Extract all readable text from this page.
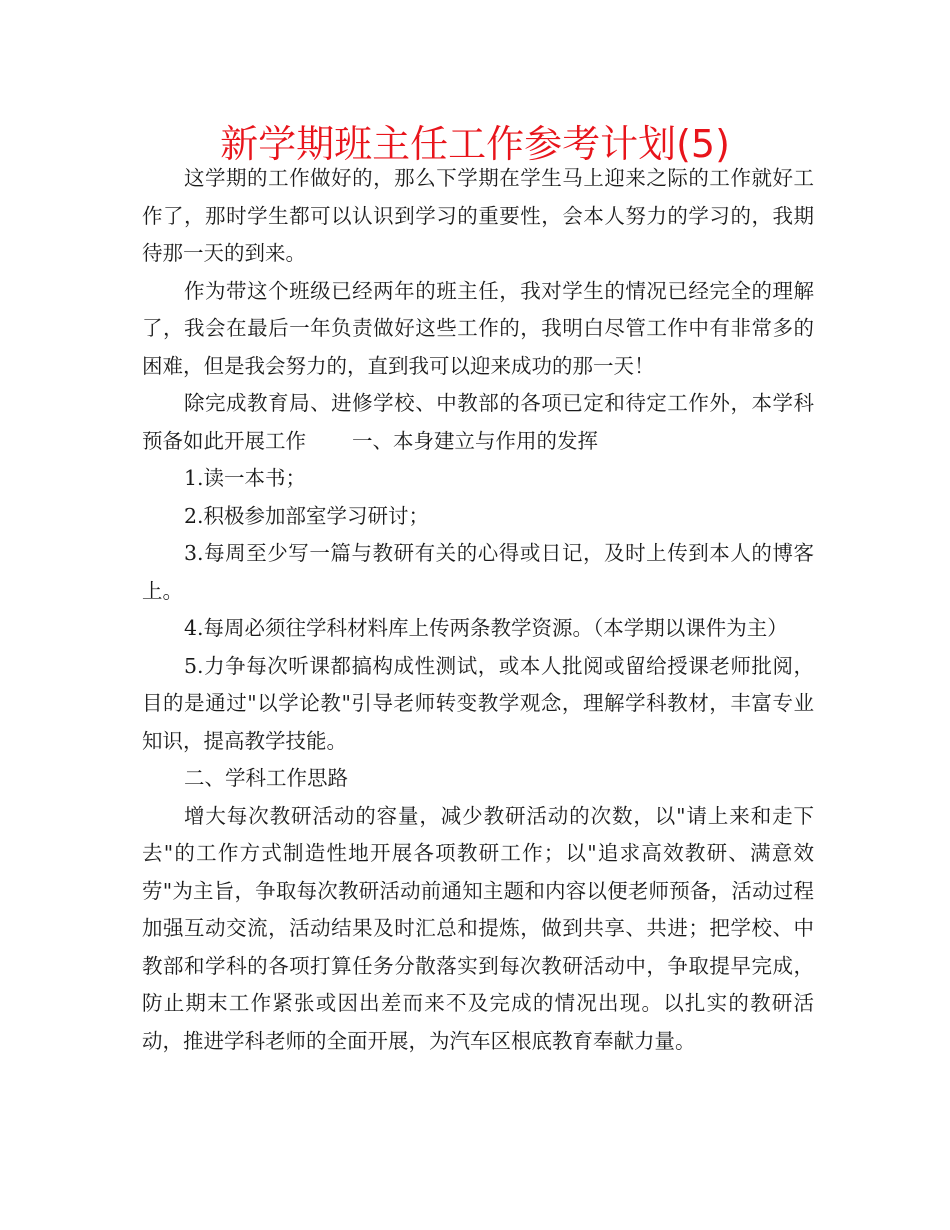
新学期班主任工作参考计划(5)

这学期的工作做好的，那么下学期在学生马上迎来之际的工作就好工作了，那时学生都可以认识到学习的重要性，会本人努力的学习的，我期待那一天的到来。

作为带这个班级已经两年的班主任，我对学生的情况已经完全的理解了，我会在最后一年负责做好这些工作的，我明白尽管工作中有非常多的困难，但是我会努力的，直到我可以迎来成功的那一天！

除完成教育局、进修学校、中教部的各项已定和待定工作外，本学科预备如此开展工作 一、本身建立与作用的发挥

1.读一本书；

2.积极参加部室学习研讨；

3.每周至少写一篇与教研有关的心得或日记，及时上传到本人的博客上。

4.每周必须往学科材料库上传两条教学资源。（本学期以课件为主）

5.力争每次听课都搞构成性测试，或本人批阅或留给授课老师批阅，目的是通过"以学论教"引导老师转变教学观念，理解学科教材，丰富专业知识，提高教学技能。

二、学科工作思路

增大每次教研活动的容量，减少教研活动的次数，以"请上来和走下去"的工作方式制造性地开展各项教研工作；以"追求高效教研、满意效劳"为主旨，争取每次教研活动前通知主题和内容以便老师预备，活动过程加强互动交流，活动结果及时汇总和提炼，做到共享、共进；把学校、中教部和学科的各项打算任务分散落实到每次教研活动中，争取提早完成，防止期末工作紧张或因出差而来不及完成的情况出现。以扎实的教研活动，推进学科老师的全面开展，为汽车区根底教育奉献力量。
